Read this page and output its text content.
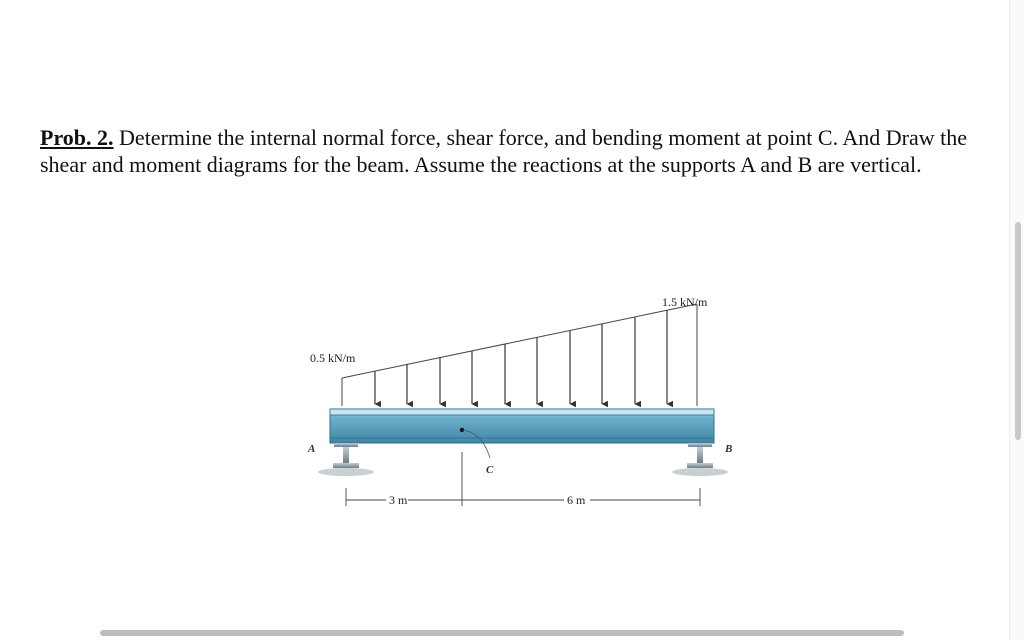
Prob. 2. Determine the internal normal force, shear force, and bending moment at point C. And Draw the shear and moment diagrams for the beam. Assume the reactions at the supports A and B are vertical.

0.5 kN/m
1.5 kN/m
C
A	B
3 m	6 m
